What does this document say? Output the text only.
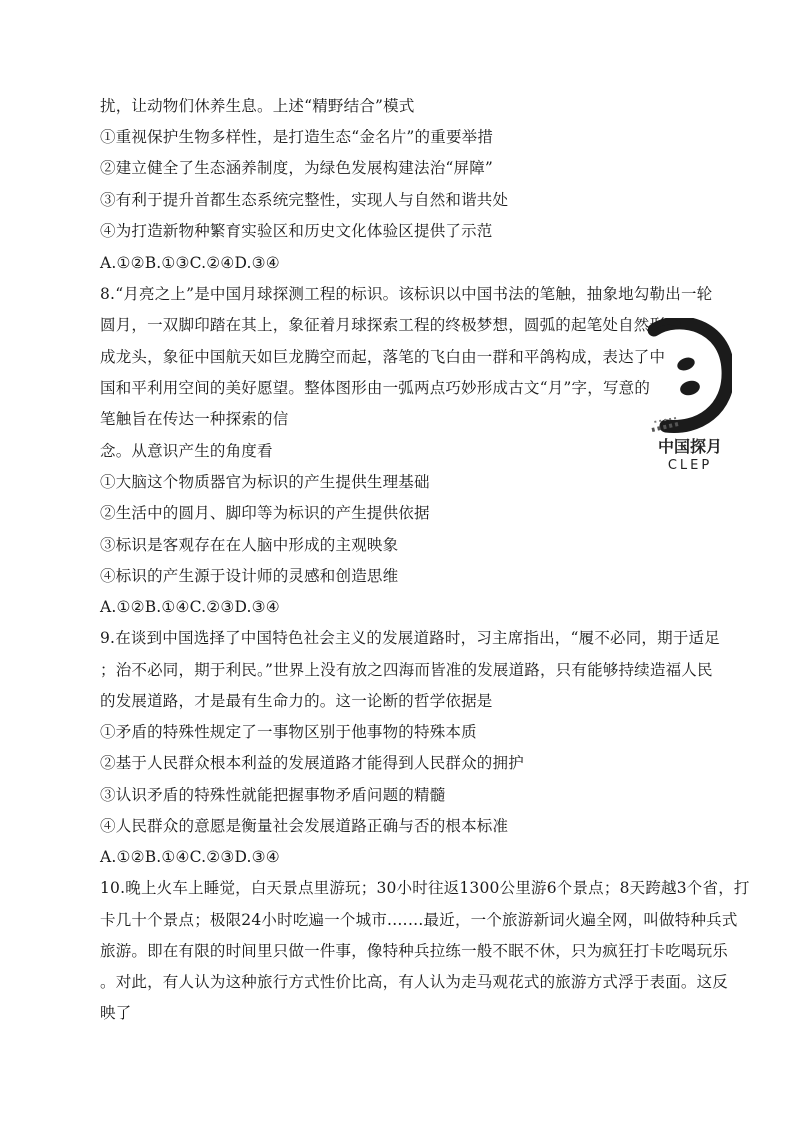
扰，让动物们休养生息。上述“精野结合”模式
①重视保护生物多样性，是打造生态“金名片”的重要举措
②建立健全了生态涵养制度，为绿色发展构建法治“屏障”
③有利于提升首都生态系统完整性，实现人与自然和谐共处
④为打造新物种繁育实验区和历史文化体验区提供了示范
A.①②B.①③C.②④D.③④
8.“月亮之上”是中国月球探测工程的标识。该标识以中国书法的笔触，抽象地勾勒出一轮
圆月，一双脚印踏在其上，象征着月球探索工程的终极梦想，圆弧的起笔处自然形
成龙头，象征中国航天如巨龙腾空而起，落笔的飞白由一群和平鸽构成，表达了中
国和平利用空间的美好愿望。整体图形由一弧两点巧妙形成古文“月”字，写意的
笔触旨在传达一种探索的信
念。从意识产生的角度看
①大脑这个物质器官为标识的产生提供生理基础
②生活中的圆月、脚印等为标识的产生提供依据
③标识是客观存在在人脑中形成的主观映象
④标识的产生源于设计师的灵感和创造思维
A.①②B.①④C.②③D.③④
9.在谈到中国选择了中国特色社会主义的发展道路时，习主席指出，“履不必同，期于适足
；治不必同，期于利民。”世界上没有放之四海而皆准的发展道路，只有能够持续造福人民
的发展道路，才是最有生命力的。这一论断的哲学依据是
①矛盾的特殊性规定了一事物区别于他事物的特殊本质
②基于人民群众根本利益的发展道路才能得到人民群众的拥护
③认识矛盾的特殊性就能把握事物矛盾问题的精髓
④人民群众的意愿是衡量社会发展道路正确与否的根本标准
A.①②B.①④C.②③D.③④
10.晚上火车上睡觉，白天景点里游玩；30小时往返1300公里游6个景点；8天跨越3个省，打
卡几十个景点；极限24小时吃遍一个城市.……最近，一个旅游新词火遍全网，叫做特种兵式
旅游。即在有限的时间里只做一件事，像特种兵拉练一般不眠不休，只为疯狂打卡吃喝玩乐
。对此，有人认为这种旅行方式性价比高，有人认为走马观花式的旅游方式浮于表面。这反
映了
中国探月
CLEP
